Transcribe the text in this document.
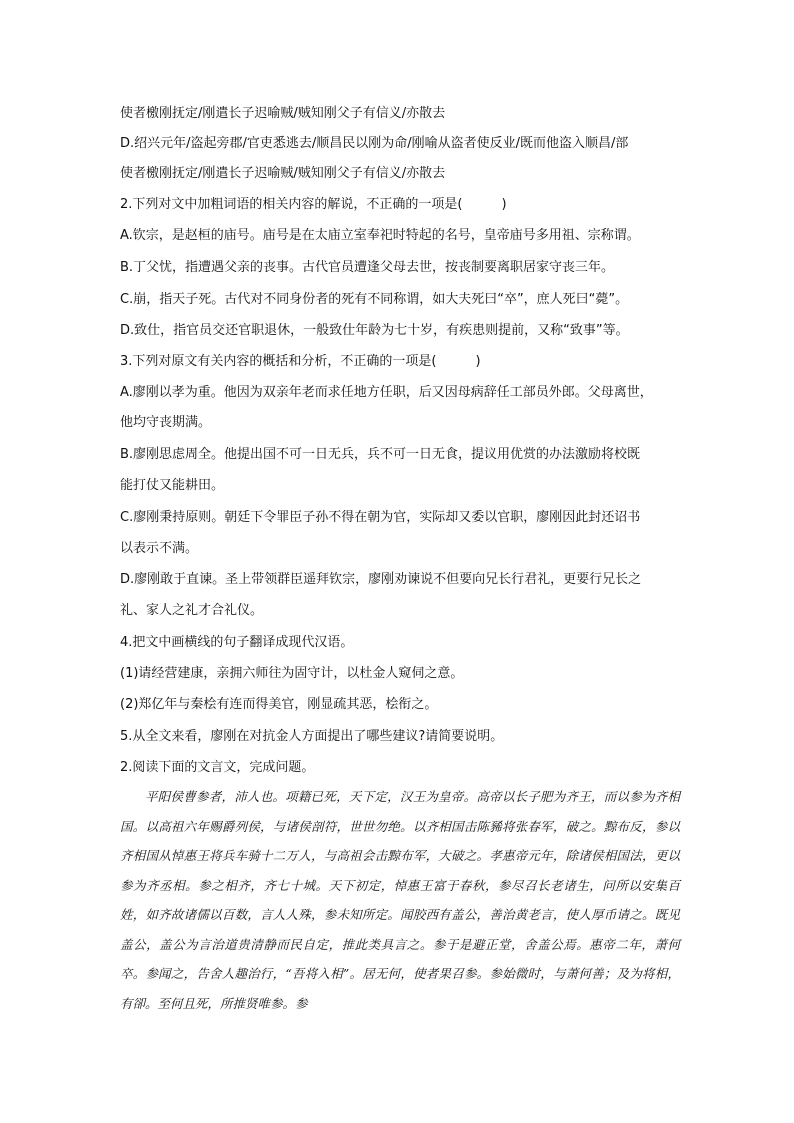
使者檄刚抚定/刚遣长子迟喻贼/贼知刚父子有信义/亦散去
D.绍兴元年/盗起旁郡/官吏悉逃去/顺昌民以刚为命/刚喻从盗者使反业/既而他盗入顺昌/部
使者檄刚抚定/刚遣长子迟喻贼/贼知刚父子有信义/亦散去
2.下列对文中加粗词语的相关内容的解说，不正确的一项是(　　　)
A.钦宗，是赵桓的庙号。庙号是在太庙立室奉祀时特起的名号，皇帝庙号多用祖、宗称谓。
B.丁父忧，指遭遇父亲的丧事。古代官员遭逢父母去世，按丧制要离职居家守丧三年。
C.崩，指天子死。古代对不同身份者的死有不同称谓，如大夫死曰“卒”，庶人死曰“薨”。
D.致仕，指官员交还官职退休，一般致仕年龄为七十岁，有疾患则提前，又称“致事”等。
3.下列对原文有关内容的概括和分析，不正确的一项是(　　　)
A.廖刚以孝为重。他因为双亲年老而求任地方任职，后又因母病辞任工部员外郎。父母离世，
他均守丧期满。
B.廖刚思虑周全。他提出国不可一日无兵，兵不可一日无食，提议用优赏的办法激励将校既
能打仗又能耕田。
C.廖刚秉持原则。朝廷下令罪臣子孙不得在朝为官，实际却又委以官职，廖刚因此封还诏书
以表示不满。
D.廖刚敢于直谏。圣上带领群臣遥拜钦宗，廖刚劝谏说不但要向兄长行君礼，更要行兄长之
礼、家人之礼才合礼仪。
4.把文中画横线的句子翻译成现代汉语。
(1)请经营建康，亲拥六师往为固守计，以杜金人窥伺之意。
(2)郑亿年与秦桧有连而得美官，刚显疏其恶，桧衔之。
5.从全文来看，廖刚在对抗金人方面提出了哪些建议?请简要说明。
2.阅读下面的文言文，完成问题。

平阳侯曹参者，沛人也。项籍已死，天下定，汉王为皇帝。高帝以长子肥为齐王，而以参为齐相国。以高祖六年赐爵列侯，与诸侯剖符，世世勿绝。以齐相国击陈豨将张春军，破之。黥布反，参以齐相国从悼惠王将兵车骑十二万人，与高祖会击黥布军，大破之。孝惠帝元年，除诸侯相国法，更以参为齐丞相。参之相齐，齐七十城。天下初定，悼惠王富于春秋，参尽召长老诸生，问所以安集百姓，如齐故诸儒以百数，言人人殊，参未知所定。闻胶西有盖公，善治黄老言，使人厚币请之。既见盖公，盖公为言治道贵清静而民自定，推此类具言之。参于是避正堂，舍盖公焉。惠帝二年，萧何卒。参闻之，告舍人趣治行，“吾将入相”。居无何，使者果召参。参始微时，与萧何善；及为将相，有卻。至何且死，所推贤唯参。参
